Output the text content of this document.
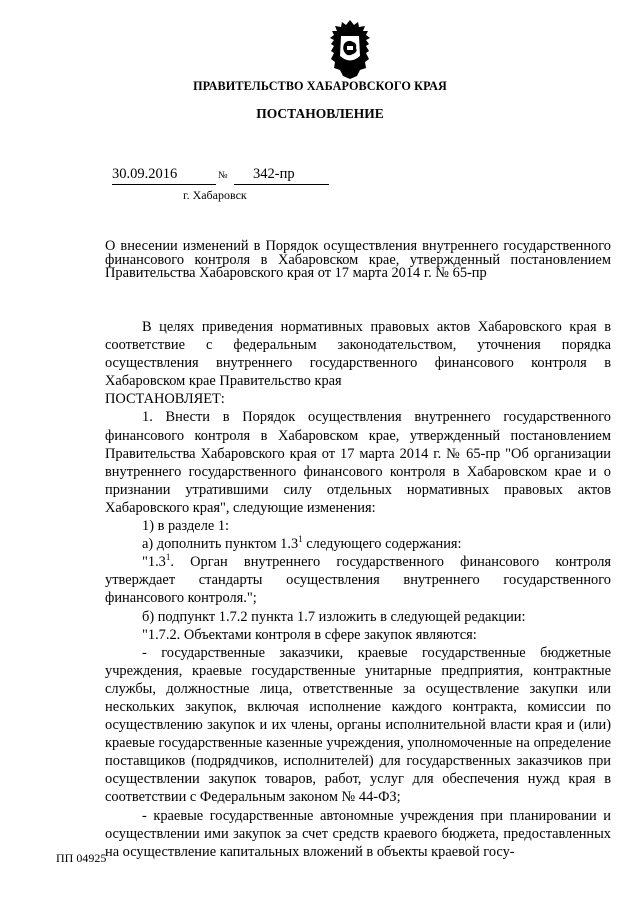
ПРАВИТЕЛЬСТВО ХАБАРОВСКОГО КРАЯ
ПОСТАНОВЛЕНИЕ
30.09.2016	№ 342-пр
г. Хабаровск
О внесении изменений в Порядок осуществления внутреннего государственного финансового контроля в Хабаровском крае, утвержденный постановлением Правительства Хабаровского края от 17 марта 2014 г. № 65-пр

В целях приведения нормативных правовых актов Хабаровского края в соответствие с федеральным законодательством, уточнения порядка осуществления внутреннего государственного финансового контроля в Хабаровском крае Правительство края

ПОСТАНОВЛЯЕТ:

1. Внести в Порядок осуществления внутреннего государственного финансового контроля в Хабаровском крае, утвержденный постановлением Правительства Хабаровского края от 17 марта 2014 г. № 65-пр "Об организации внутреннего государственного финансового контроля в Хабаровском крае и о признании утратившими силу отдельных нормативных правовых актов Хабаровского края", следующие изменения:

1) в разделе 1:

а) дополнить пунктом $1.3^1$ следующего содержания:

"$1.3^1$. Орган внутреннего государственного финансового контроля утверждает стандарты осуществления внутреннего государственного финансового контроля.";

б) подпункт 1.7.2 пункта 1.7 изложить в следующей редакции:

"1.7.2. Объектами контроля в сфере закупок являются:

- государственные заказчики, краевые государственные бюджетные учреждения, краевые государственные унитарные предприятия, контрактные службы, должностные лица, ответственные за осуществление закупки или нескольких закупок, включая исполнение каждого контракта, комиссии по осуществлению закупок и их члены, органы исполнительной власти края и (или) краевые государственные казенные учреждения, уполномоченные на определение поставщиков (подрядчиков, исполнителей) для государственных заказчиков при осуществлении закупок товаров, работ, услуг для обеспечения нужд края в соответствии с Федеральным законом № 44-ФЗ;

- краевые государственные автономные учреждения при планировании и осуществлении ими закупок за счет средств краевого бюджета, предоставленных на осуществление капитальных вложений в объекты краевой госу-

ПП 04925
